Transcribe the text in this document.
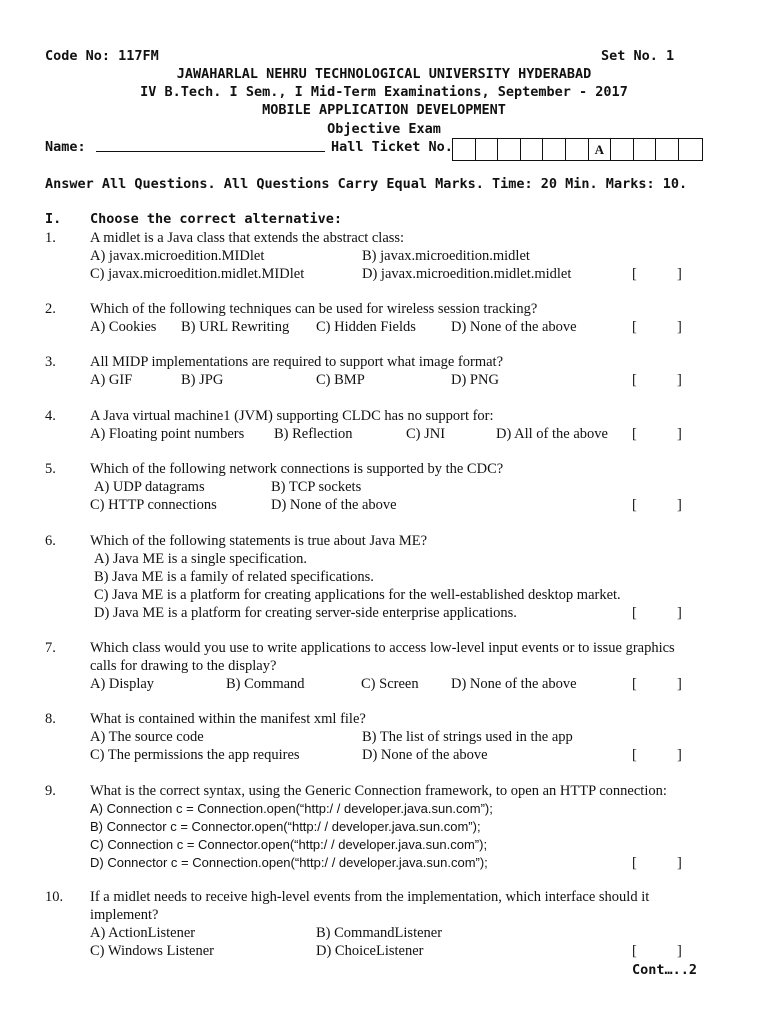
Code No: 117FM	Set No. 1
JAWAHARLAL NEHRU TECHNOLOGICAL UNIVERSITY HYDERABAD
IV B.Tech. I Sem., I Mid-Term Examinations, September - 2017
MOBILE APPLICATION DEVELOPMENT
Objective Exam
Name:	Hall Ticket No.	A
Answer All Questions. All Questions Carry Equal Marks. Time: 20 Min. Marks: 10.
I. Choose the correct alternative:
1. A midlet is a Java class that extends the abstract class:
A) javax.microedition.MIDlet	B) javax.microedition.midlet
C) javax.microedition.midlet.MIDlet	D) javax.microedition.midlet.midlet	[	]
2. Which of the following techniques can be used for wireless session tracking?
A) Cookies B) URL Rewriting C) Hidden Fields D) None of the above	[	]
3. All MIDP implementations are required to support what image format?
A) GIF	B) JPG	C) BMP	D) PNG	[	]
4. A Java virtual machine1 (JVM) supporting CLDC has no support for:
A) Floating point numbers B) Reflection	C) JNI	D) All of the above [	]
5. Which of the following network connections is supported by the CDC?
A) UDP datagrams	B) TCP sockets
C) HTTP connections	D) None of the above	[	]
6. Which of the following statements is true about Java ME?
A) Java ME is a single specification.
B) Java ME is a family of related specifications.
C) Java ME is a platform for creating applications for the well-established desktop market.
D) Java ME is a platform for creating server-side enterprise applications.	[	]
7. Which class would you use to write applications to access low-level input events or to issue graphics
calls for drawing to the display?
A) Display	B) Command	C) Screen D) None of the above	[	]
8. What is contained within the manifest xml file?
A) The source code	B) The list of strings used in the app
C) The permissions the app requires	D) None of the above	[	]
9. What is the correct syntax, using the Generic Connection framework, to open an HTTP connection:
A) Connection c = Connection.open(“http:/ / developer.java.sun.com”);
B) Connector c = Connector.open(“http:/ / developer.java.sun.com”);
C) Connection c = Connector.open(“http:/ / developer.java.sun.com”);
D) Connector c = Connection.open(“http:/ / developer.java.sun.com”);	[	]
10. If a midlet needs to receive high-level events from the implementation, which interface should it
implement?
A) ActionListener	B) CommandListener
C) Windows Listener	D) ChoiceListener	[	]
Cont…..2
